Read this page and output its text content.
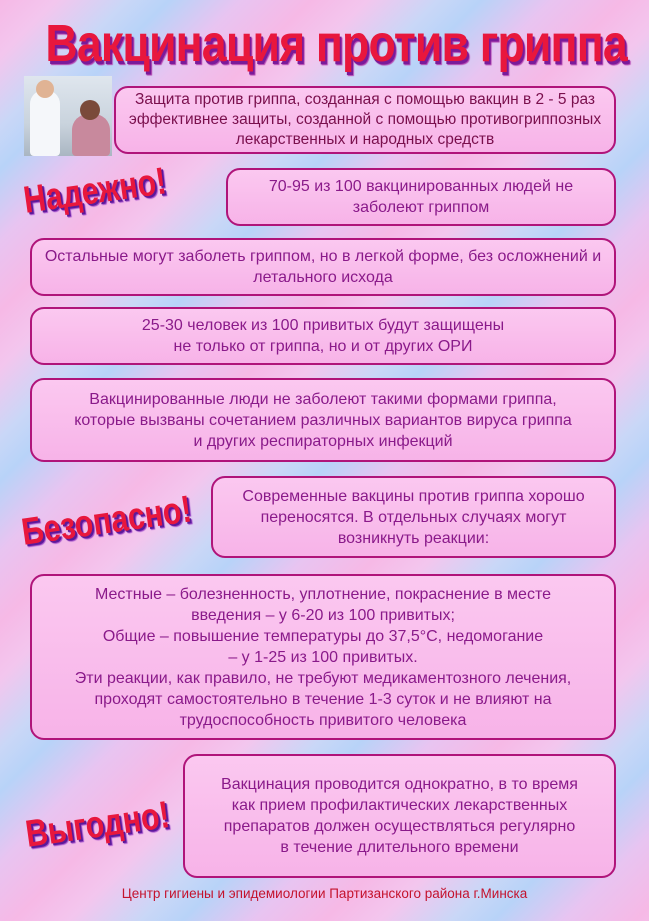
Вакцинация против гриппа
Защита против гриппа, созданная с помощью вакцин в 2 - 5 раз эффективнее защиты, созданной с помощью противогриппозных лекарственных и народных средств
Надежно!	70-95 из 100 вакцинированных людей не заболеют гриппом
Остальные могут заболеть гриппом, но в легкой форме, без осложнений и летального исхода
25-30 человек из 100 привитых будут защищены не только от гриппа, но и от других ОРИ
Вакцинированные люди не заболеют такими формами гриппа, которые вызваны сочетанием различных вариантов вируса гриппа и других респираторных инфекций
Безопасно!	Современные вакцины против гриппа хорошо переносятся. В отдельных случаях могут возникнуть реакции:
Местные – болезненность, уплотнение, покраснение в месте введения – у 6-20 из 100 привитых;
Общие – повышение температуры до 37,5°С, недомогание – у 1-25 из 100 привитых.
Эти реакции, как правило, не требуют медикаментозного лечения, проходят самостоятельно в течение 1-3 суток и не влияют на трудоспособность привитого человека
Выгодно!
Вакцинация проводится однократно, в то время как прием профилактических лекарственных препаратов должен осуществляться регулярно в течение длительного времени
Центр гигиены и эпидемиологии Партизанского района г.Минска
